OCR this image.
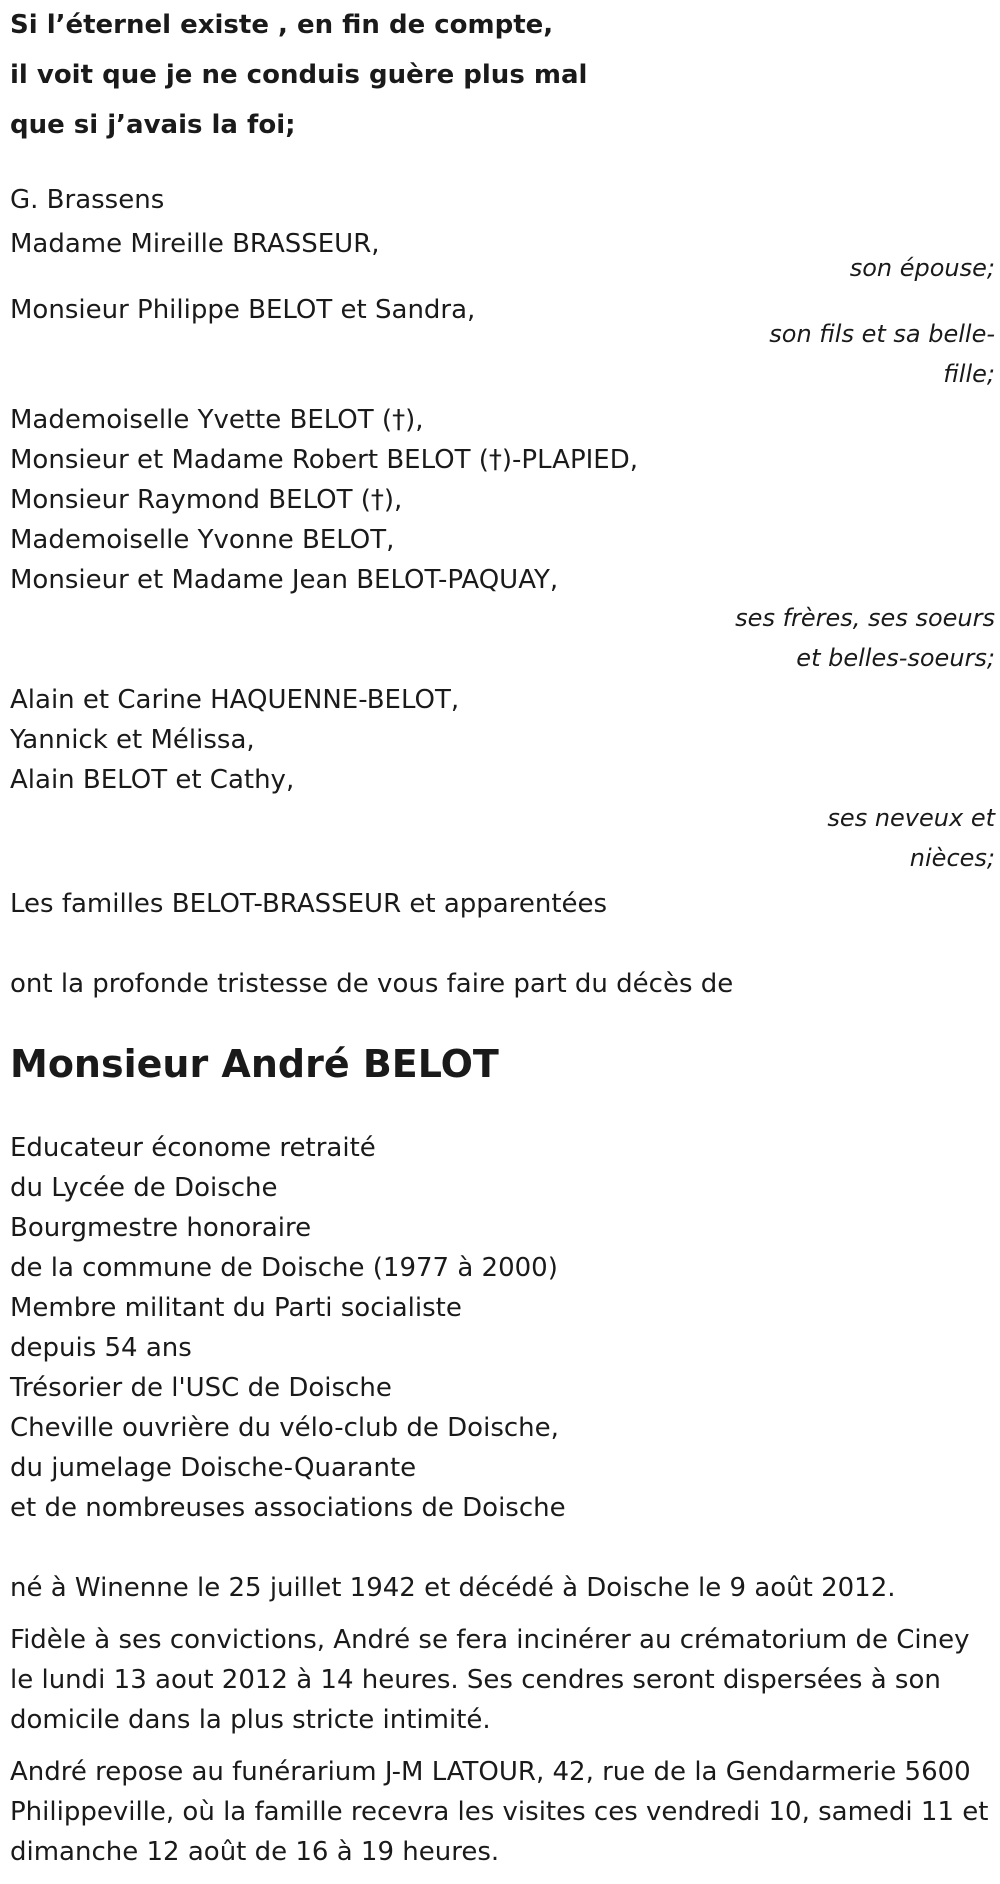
Si l’éternel existe , en fin de compte,

il voit que je ne conduis guère plus mal

que si j’avais la foi;

G. Brassens

Madame Mireille BRASSEUR,

son épouse;

Monsieur Philippe BELOT et Sandra,

son fils et sa belle-fille;

Mademoiselle Yvette BELOT (†),

Monsieur et Madame Robert BELOT (†)-PLAPIED,

Monsieur Raymond BELOT (†),

Mademoiselle Yvonne BELOT,

Monsieur et Madame Jean BELOT-PAQUAY,

ses frères, ses soeurs et belles-soeurs;

Alain et Carine HAQUENNE-BELOT,

Yannick et Mélissa,

Alain BELOT et Cathy,

ses neveux et nièces;

Les familles BELOT-BRASSEUR et apparentées

ont la profonde tristesse de vous faire part du décès de

Monsieur André BELOT

Educateur économe retraité

du Lycée de Doische

Bourgmestre honoraire

de la commune de Doische (1977 à 2000)

Membre militant du Parti socialiste

depuis 54 ans

Trésorier de l'USC de Doische

Cheville ouvrière du vélo-club de Doische,

du jumelage Doische-Quarante

et de nombreuses associations de Doische

né à Winenne le 25 juillet 1942 et décédé à Doische le 9 août 2012.

Fidèle à ses convictions, André se fera incinérer au crématorium de Ciney le lundi 13 aout 2012 à 14 heures. Ses cendres seront dispersées à son domicile dans la plus stricte intimité.

André repose au funérarium J-M LATOUR, 42, rue de la Gendarmerie 5600 Philippeville, où la famille recevra les visites ces vendredi 10, samedi 11 et dimanche 12 août de 16 à 19 heures.
